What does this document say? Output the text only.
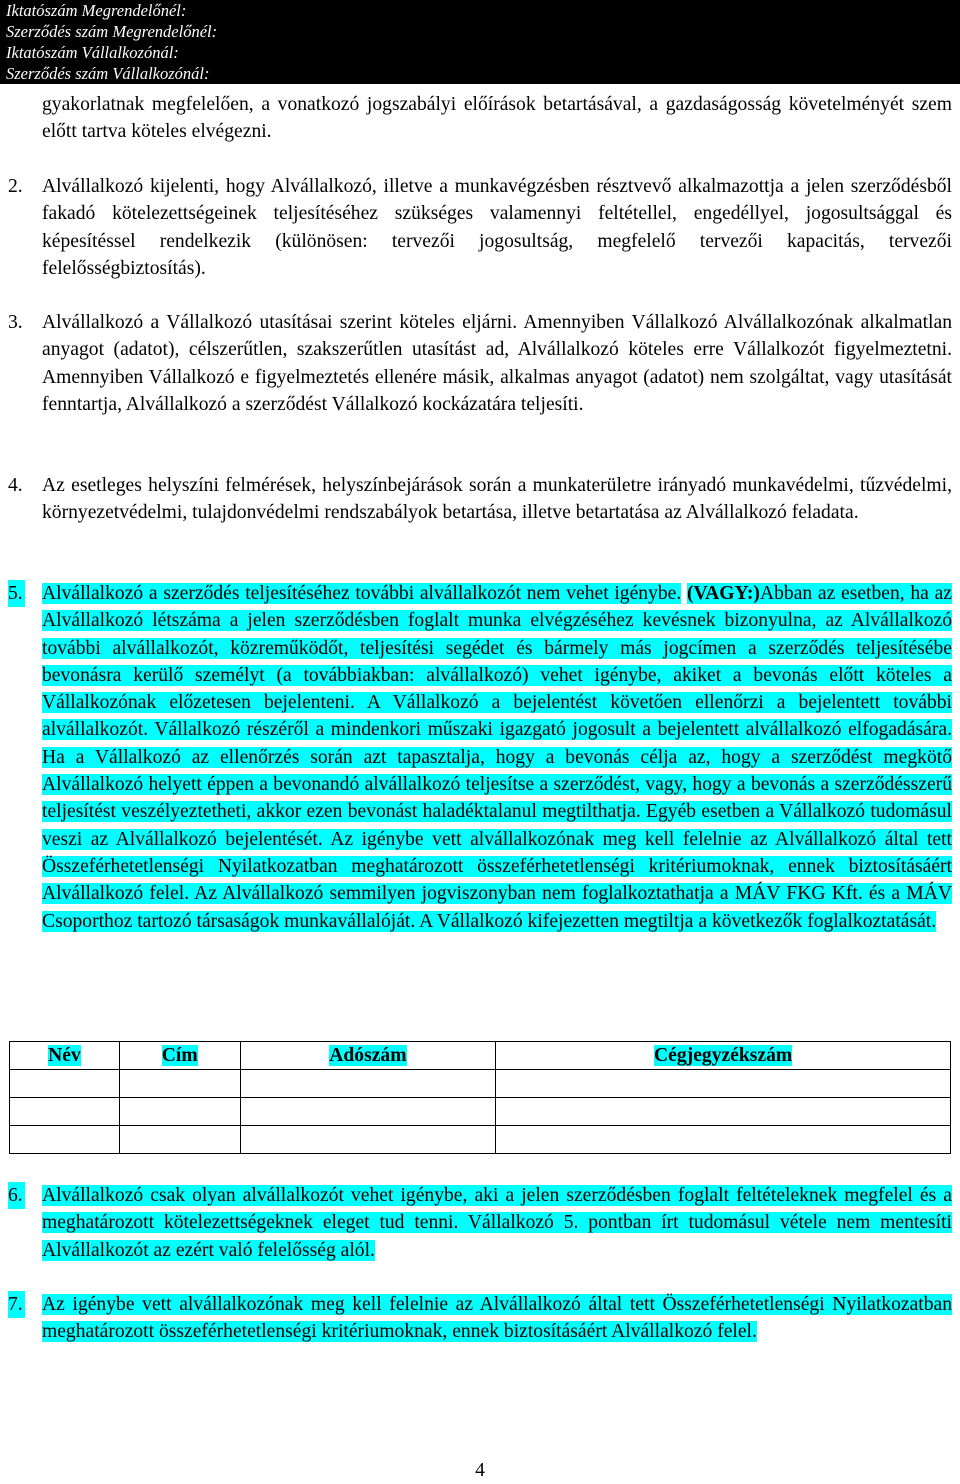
Iktatószám Megrendelőnél:
Szerződés szám Megrendelőnél:
Iktatószám Vállalkozónál:
Szerződés szám Vállalkozónál:
gyakorlatnak megfelelően, a vonatkozó jogszabályi előírások betartásával, a gazdaságosság követelményét szem előtt tartva köteles elvégezni.
2. Alvállalkozó kijelenti, hogy Alvállalkozó, illetve a munkavégzésben résztvevő alkalmazottja a jelen szerződésből fakadó kötelezettségeinek teljesítéséhez szükséges valamennyi feltétellel, engedéllyel, jogosultsággal és képesítéssel rendelkezik (különösen: tervezői jogosultság, megfelelő tervezői kapacitás, tervezői felelősségbiztosítás).
3. Alvállalkozó a Vállalkozó utasításai szerint köteles eljárni. Amennyiben Vállalkozó Alvállalkozónak alkalmatlan anyagot (adatot), célszerűtlen, szakszerűtlen utasítást ad, Alvállalkozó köteles erre Vállalkozót figyelmeztetni. Amennyiben Vállalkozó e figyelmeztetés ellenére másik, alkalmas anyagot (adatot) nem szolgáltat, vagy utasítását fenntartja, Alvállalkozó a szerződést Vállalkozó kockázatára teljesíti.
4. Az esetleges helyszíni felmérések, helyszínbejárások során a munkaterületre irányadó munkavédelmi, tűzvédelmi, környezetvédelmi, tulajdonvédelmi rendszabályok betartása, illetve betartatása az Alvállalkozó feladata.
5. Alvállalkozó a szerződés teljesítéséhez további alvállalkozót nem vehet igénybe. (VAGY:)Abban az esetben, ha az Alvállalkozó létszáma a jelen szerződésben foglalt munka elvégzéséhez kevésnek bizonyulna, az Alvállalkozó további alvállalkozót, közreműködőt, teljesítési segédet és bármely más jogcímen a szerződés teljesítésébe bevonásra kerülő személyt (a továbbiakban: alvállalkozó) vehet igénybe, akiket a bevonás előtt köteles a Vállalkozónak előzetesen bejelenteni. A Vállalkozó a bejelentést követően ellenőrzi a bejelentett további alvállalkozót. Vállalkozó részéről a mindenkori műszaki igazgató jogosult a bejelentett alvállalkozó elfogadására. Ha a Vállalkozó az ellenőrzés során azt tapasztalja, hogy a bevonás célja az, hogy a szerződést megkötő Alvállalkozó helyett éppen a bevonandó alvállalkozó teljesítse a szerződést, vagy, hogy a bevonás a szerződésszerű teljesítést veszélyeztetheti, akkor ezen bevonást haladéktalanul megtilthatja. Egyéb esetben a Vállalkozó tudomásul veszi az Alvállalkozó bejelentését. Az igénybe vett alvállalkozónak meg kell felelnie az Alvállalkozó által tett Összeférhetetlenségi Nyilatkozatban meghatározott összeférhetetlenségi kritériumoknak, ennek biztosításáért Alvállalkozó felel. Az Alvállalkozó semmilyen jogviszonyban nem foglalkoztathatja a MÁV FKG Kft. és a MÁV Csoporthoz tartozó társaságok munkavállalóját. A Vállalkozó kifejezetten megtiltja a következők foglalkoztatását.
Név	Cím	Adószám	Cégjegyzékszám

6. Alvállalkozó csak olyan alvállalkozót vehet igénybe, aki a jelen szerződésben foglalt feltételeknek megfelel és a meghatározott kötelezettségeknek eleget tud tenni. Vállalkozó 5. pontban írt tudomásul vétele nem mentesíti Alvállalkozót az ezért való felelősség alól.
7. Az igénybe vett alvállalkozónak meg kell felelnie az Alvállalkozó által tett Összeférhetetlenségi Nyilatkozatban meghatározott összeférhetetlenségi kritériumoknak, ennek biztosításáért Alvállalkozó felel.
4
